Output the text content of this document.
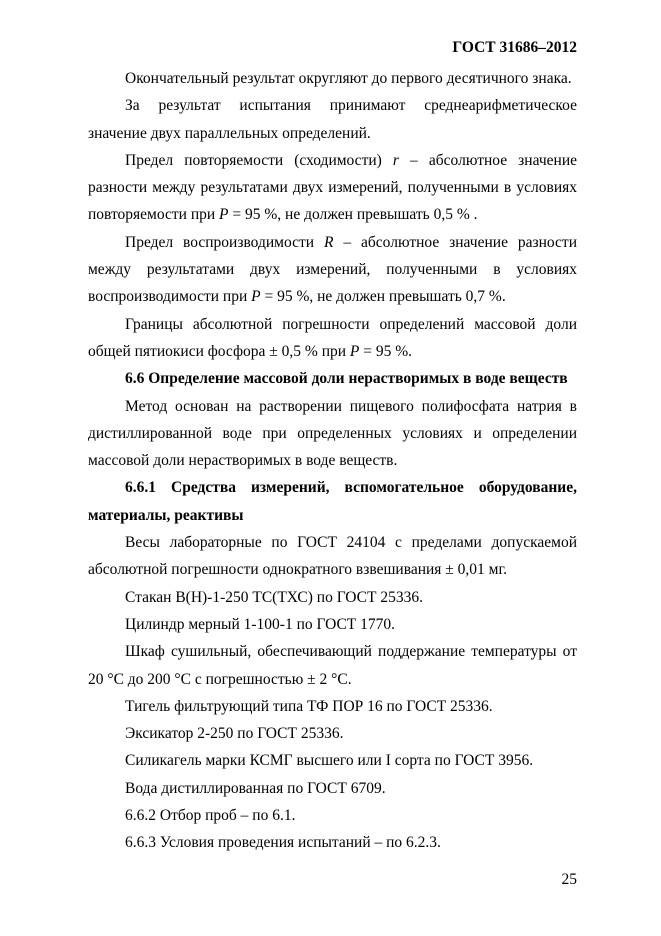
ГОСТ 31686–2012

Окончательный результат округляют до первого десятичного знака.

За результат испытания принимают среднеарифметическое значение двух параллельных определений.

Предел повторяемости (сходимости) r – абсолютное значение разности между результатами двух измерений, полученными в условиях повторяемости при P = 95 %, не должен превышать 0,5 % .

Предел воспроизводимости R – абсолютное значение разности между результатами двух измерений, полученными в условиях воспроизводимости при P = 95 %, не должен превышать 0,7 %.

Границы абсолютной погрешности определений массовой доли общей пятиокиси фосфора ± 0,5 % при P = 95 %.

6.6 Определение массовой доли нерастворимых в воде веществ

Метод основан на растворении пищевого полифосфата натрия в дистиллированной воде при определенных условиях и определении массовой доли нерастворимых в воде веществ.

6.6.1 Средства измерений, вспомогательное оборудование, материалы, реактивы

Весы лабораторные по ГОСТ 24104 с пределами допускаемой абсолютной погрешности однократного взвешивания ± 0,01 мг.

Стакан В(Н)-1-250 ТС(ТХС) по ГОСТ 25336.

Цилиндр мерный 1-100-1 по ГОСТ 1770.

Шкаф сушильный, обеспечивающий поддержание температуры от 20 °С до 200 °С с погрешностью ± 2 °С.

Тигель фильтрующий типа ТФ ПОР 16 по ГОСТ 25336.

Эксикатор 2-250 по ГОСТ 25336.

Силикагель марки КСМГ высшего или I сорта по ГОСТ 3956.

Вода дистиллированная по ГОСТ 6709.

6.6.2 Отбор проб – по 6.1.

6.6.3 Условия проведения испытаний – по 6.2.3.

25
